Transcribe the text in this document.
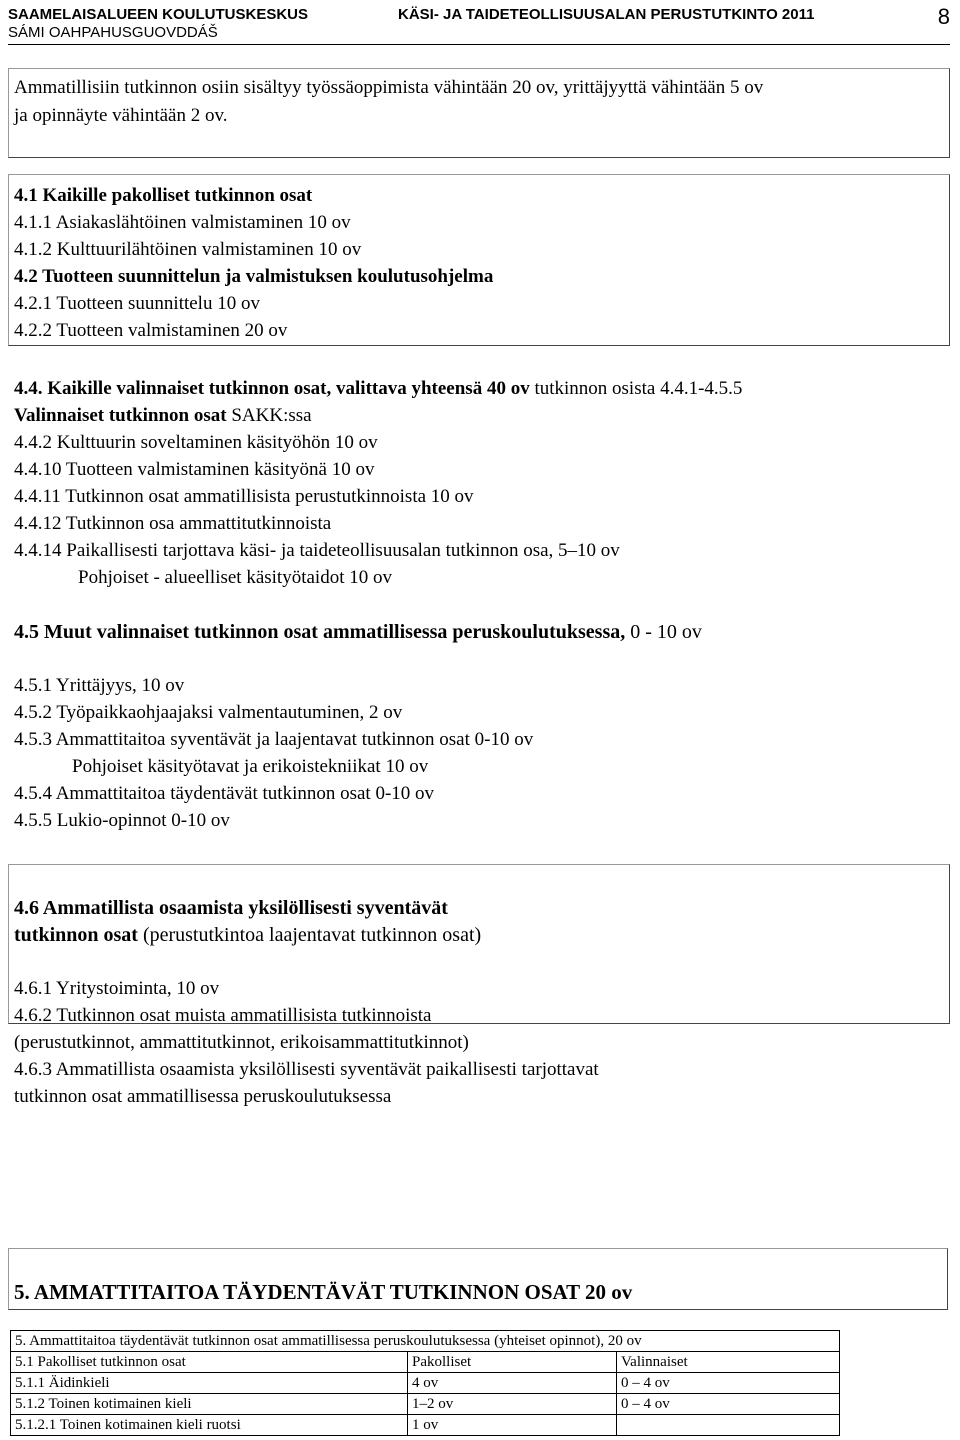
SAAMELAISALUEEN KOULUTUSKESKUS
SÁMI OAHPAHUSGUOVDDÁŠ
KÄSI- JA TAIDETEOLLISUUSALAN PERUSTUTKINTO 2011	8
Ammatillisiin tutkinnon osiin sisältyy työssäoppimista vähintään 20 ov, yrittäjyyttä vähintään 5 ov
ja opinnäyte vähintään 2 ov.
4.1 Kaikille pakolliset tutkinnon osat
4.1.1 Asiakaslähtöinen valmistaminen 10 ov
4.1.2 Kulttuurilähtöinen valmistaminen 10 ov
4.2 Tuotteen suunnittelun ja valmistuksen koulutusohjelma
4.2.1 Tuotteen suunnittelu 10 ov
4.2.2 Tuotteen valmistaminen 20 ov
4.4. Kaikille valinnaiset tutkinnon osat, valittava yhteensä 40 ov tutkinnon osista 4.4.1-4.5.5
Valinnaiset tutkinnon osat SAKK:ssa
4.4.2 Kulttuurin soveltaminen käsityöhön 10 ov
4.4.10 Tuotteen valmistaminen käsityönä 10 ov
4.4.11 Tutkinnon osat ammatillisista perustutkinnoista 10 ov
4.4.12 Tutkinnon osa ammattitutkinnoista
4.4.14 Paikallisesti tarjottava käsi- ja taideteollisuusalan tutkinnon osa, 5–10 ov
Pohjoiset - alueelliset käsityötaidot 10 ov
4.5 Muut valinnaiset tutkinnon osat ammatillisessa peruskoulutuksessa, 0 - 10 ov
4.5.1 Yrittäjyys, 10 ov
4.5.2 Työpaikkaohjaajaksi valmentautuminen, 2 ov
4.5.3 Ammattitaitoa syventävät ja laajentavat tutkinnon osat 0-10 ov
Pohjoiset käsityötavat ja erikoistekniikat 10 ov
4.5.4 Ammattitaitoa täydentävät tutkinnon osat 0-10 ov
4.5.5 Lukio-opinnot 0-10 ov
4.6 Ammatillista osaamista yksilöllisesti syventävät
tutkinnon osat (perustutkintoa laajentavat tutkinnon osat)
4.6.1 Yritystoiminta, 10 ov
4.6.2 Tutkinnon osat muista ammatillisista tutkinnoista
(perustutkinnot, ammattitutkinnot, erikoisammattitutkinnot)
4.6.3 Ammatillista osaamista yksilöllisesti syventävät paikallisesti tarjottavat
tutkinnon osat ammatillisessa peruskoulutuksessa
5. AMMATTITAITOA TÄYDENTÄVÄT TUTKINNON OSAT 20 ov
5. Ammattitaitoa täydentävät tutkinnon osat ammatillisessa peruskoulutuksessa (yhteiset opinnot), 20 ov		
5.1 Pakolliset tutkinnon osat	Pakolliset	Valinnaiset
5.1.1 Äidinkieli	4 ov	0 – 4 ov
5.1.2 Toinen kotimainen kieli	1–2 ov	0 – 4 ov
5.1.2.1 Toinen kotimainen kieli ruotsi	1 ov	
